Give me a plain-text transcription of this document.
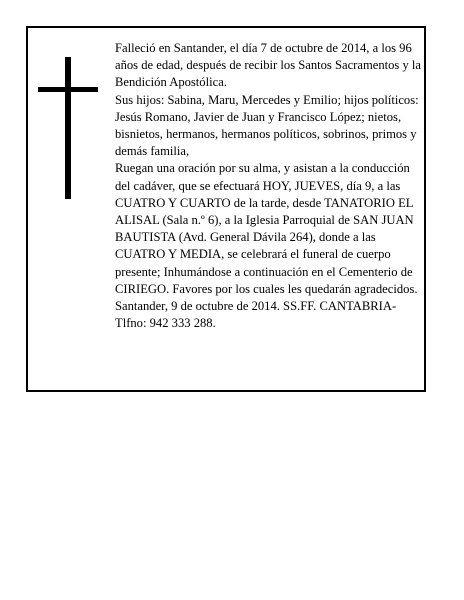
Falleció en Santander, el día 7 de octubre de 2014, a los 96 años de edad, después de recibir los Santos Sacramentos y la Bendición Apostólica.

Sus hijos: Sabina, Maru, Mercedes y Emilio; hijos políticos: Jesús Romano, Javier de Juan y Francisco López; nietos, bisnietos, hermanos, hermanos políticos, sobrinos, primos y demás familia,

Ruegan una oración por su alma, y asistan a la conducción del cadáver, que se efectuará HOY, JUEVES, día 9, a las CUATRO Y CUARTO de la tarde, desde TANATORIO EL ALISAL (Sala n.º 6), a la Iglesia Parroquial de SAN JUAN BAUTISTA (Avd. General Dávila 264), donde a las CUATRO Y MEDIA, se celebrará el funeral de cuerpo presente; Inhumándose a continuación en el Cementerio de CIRIEGO. Favores por los cuales les quedarán agradecidos.

Santander, 9 de octubre de 2014. SS.FF. CANTABRIA- Tlfno: 942 333 288.
